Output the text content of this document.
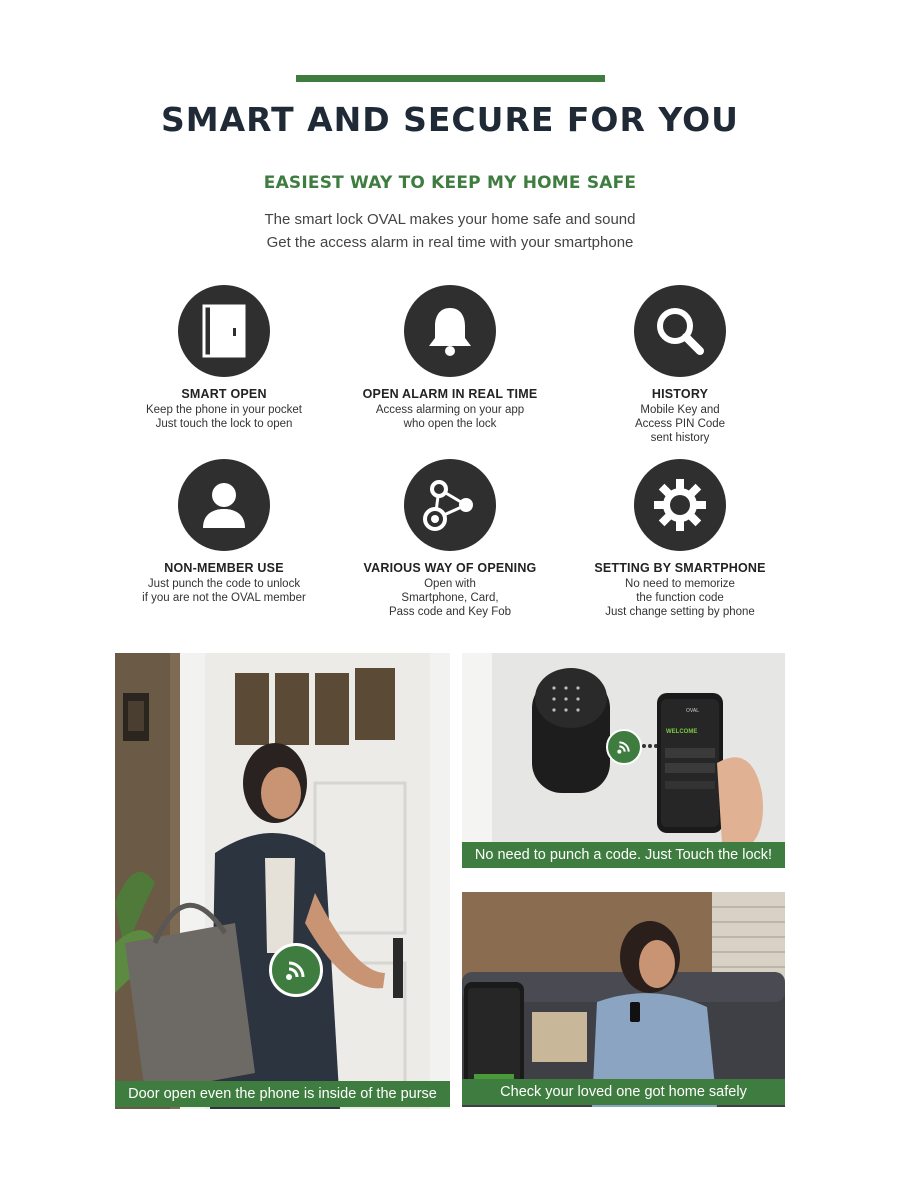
SMART AND SECURE FOR YOU
EASIEST WAY TO KEEP MY HOME SAFE
The smart lock OVAL makes your home safe and sound
Get the access alarm in real time with your smartphone
SMART OPEN
Keep the phone in your pocket
Just touch the lock to open
OPEN ALARM IN REAL TIME
Access alarming on your app
who open the lock
HISTORY
Mobile Key and
Access PIN Code
sent history
NON-MEMBER USE
Just punch the code to unlock
if you are not the OVAL member
VARIOUS WAY OF OPENING
Open with
Smartphone, Card,
Pass code and Key Fob
SETTING BY SMARTPHONE
No need to memorize
the function code
Just change setting by phone
Door open even the phone is inside of the purse
OVAL
WELCOME
No need to punch a code. Just Touch the lock!
Check your loved one got home safely
